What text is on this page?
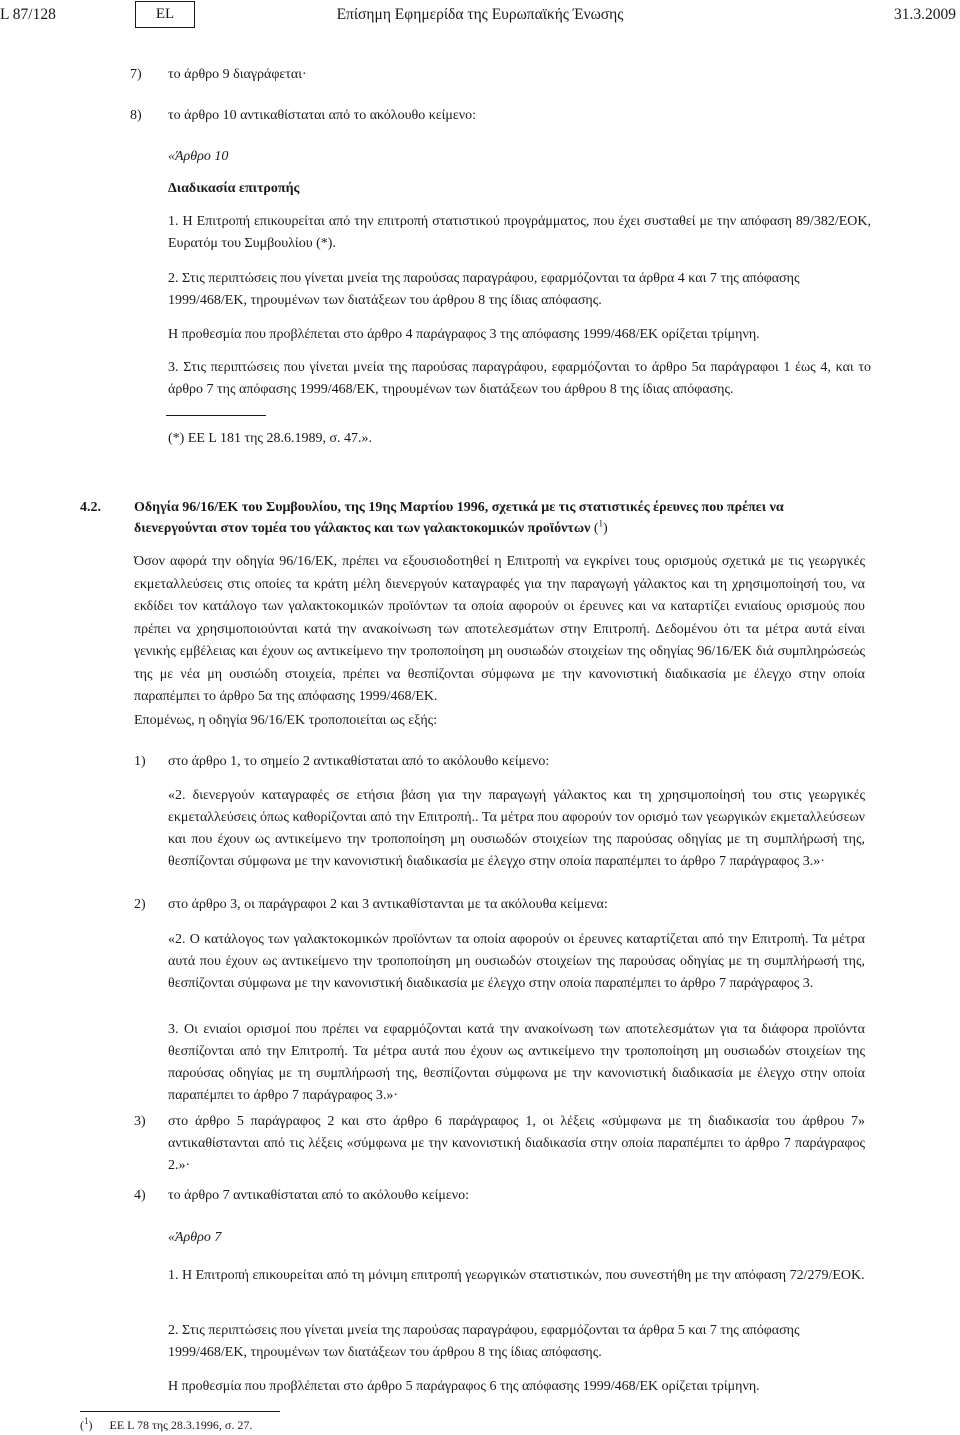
L 87/128	EL	Επίσημη Εφημερίδα της Ευρωπαϊκής Ένωσης	31.3.2009
7) το άρθρο 9 διαγράφεται·
8) το άρθρο 10 αντικαθίσταται από το ακόλουθο κείμενο:
«Άρθρο 10
Διαδικασία επιτροπής
1. Η Επιτροπή επικουρείται από την επιτροπή στατιστικού προγράμματος, που έχει συσταθεί με την απόφαση 89/382/ΕΟΚ, Ευρατόμ του Συμβουλίου (*).
2. Στις περιπτώσεις που γίνεται μνεία της παρούσας παραγράφου, εφαρμόζονται τα άρθρα 4 και 7 της απόφασης
1999/468/ΕΚ, τηρουμένων των διατάξεων του άρθρου 8 της ίδιας απόφασης.
Η προθεσμία που προβλέπεται στο άρθρο 4 παράγραφος 3 της απόφασης 1999/468/ΕΚ ορίζεται τρίμηνη.
3. Στις περιπτώσεις που γίνεται μνεία της παρούσας παραγράφου, εφαρμόζονται το άρθρο 5α παράγραφοι 1 έως 4, και το άρθρο 7 της απόφασης 1999/468/ΕΚ, τηρουμένων των διατάξεων του άρθρου 8 της ίδιας απόφασης.
(*) ΕΕ L 181 της 28.6.1989, σ. 47.».
4.2. Οδηγία 96/16/ΕΚ του Συμβουλίου, της 19ης Μαρτίου 1996, σχετικά με τις στατιστικές έρευνες που πρέπει να
διενεργούνται στον τομέα του γάλακτος και των γαλακτοκομικών προϊόντων ($^1$)
Όσον αφορά την οδηγία 96/16/ΕΚ, πρέπει να εξουσιοδοτηθεί η Επιτροπή να εγκρίνει τους ορισμούς σχετικά με τις γεωργικές εκμεταλλεύσεις στις οποίες τα κράτη μέλη διενεργούν καταγραφές για την παραγωγή γάλακτος και τη χρησιμοποίησή του, να εκδίδει τον κατάλογο των γαλακτοκομικών προϊόντων τα οποία αφορούν οι έρευνες και να καταρτίζει ενιαίους ορισμούς που πρέπει να χρησιμοποιούνται κατά την ανακοίνωση των αποτελεσμάτων στην Επιτροπή. Δεδομένου ότι τα μέτρα αυτά είναι γενικής εμβέλειας και έχουν ως αντικείμενο την τροποποίηση μη ουσιωδών στοιχείων της οδηγίας 96/16/ΕΚ διά συμπληρώσεώς της με νέα μη ουσιώδη στοιχεία, πρέπει να θεσπίζονται σύμφωνα με την κανονιστική διαδικασία με έλεγχο στην οποία παραπέμπει το άρθρο 5α της απόφασης 1999/468/ΕΚ.
Επομένως, η οδηγία 96/16/ΕΚ τροποποιείται ως εξής:
1) στο άρθρο 1, το σημείο 2 αντικαθίσταται από το ακόλουθο κείμενο:
«2. διενεργούν καταγραφές σε ετήσια βάση για την παραγωγή γάλακτος και τη χρησιμοποίησή του στις γεωργικές εκμεταλλεύσεις όπως καθορίζονται από την Επιτροπή.. Τα μέτρα που αφορούν τον ορισμό των γεωργικών εκμεταλλεύσεων και που έχουν ως αντικείμενο την τροποποίηση μη ουσιωδών στοιχείων της παρούσας οδηγίας με τη συμπλήρωσή της, θεσπίζονται σύμφωνα με την κανονιστική διαδικασία με έλεγχο στην οποία παραπέμπει το άρθρο 7 παράγραφος 3.»·
2) στο άρθρο 3, οι παράγραφοι 2 και 3 αντικαθίστανται με τα ακόλουθα κείμενα:
«2. Ο κατάλογος των γαλακτοκομικών προϊόντων τα οποία αφορούν οι έρευνες καταρτίζεται από την Επιτροπή. Τα μέτρα αυτά που έχουν ως αντικείμενο την τροποποίηση μη ουσιωδών στοιχείων της παρούσας οδηγίας με τη συμπλήρωσή της, θεσπίζονται σύμφωνα με την κανονιστική διαδικασία με έλεγχο στην οποία παραπέμπει το άρθρο 7 παράγραφος 3.
3. Οι ενιαίοι ορισμοί που πρέπει να εφαρμόζονται κατά την ανακοίνωση των αποτελεσμάτων για τα διάφορα προϊόντα θεσπίζονται από την Επιτροπή. Τα μέτρα αυτά που έχουν ως αντικείμενο την τροποποίηση μη ουσιωδών στοιχείων της παρούσας οδηγίας με τη συμπλήρωσή της, θεσπίζονται σύμφωνα με την κανονιστική διαδικασία με έλεγχο στην οποία παραπέμπει το άρθρο 7 παράγραφος 3.»·
3) στο άρθρο 5 παράγραφος 2 και στο άρθρο 6 παράγραφος 1, οι λέξεις «σύμφωνα με τη διαδικασία του άρθρου 7» αντικαθίστανται από τις λέξεις «σύμφωνα με την κανονιστική διαδικασία στην οποία παραπέμπει το άρθρο 7 παράγραφος 2.»·
4) το άρθρο 7 αντικαθίσταται από το ακόλουθο κείμενο:
«Άρθρο 7
1. Η Επιτροπή επικουρείται από τη μόνιμη επιτροπή γεωργικών στατιστικών, που συνεστήθη με την απόφαση 72/279/ΕΟΚ.
2. Στις περιπτώσεις που γίνεται μνεία της παρούσας παραγράφου, εφαρμόζονται τα άρθρα 5 και 7 της απόφασης
1999/468/ΕΚ, τηρουμένων των διατάξεων του άρθρου 8 της ίδιας απόφασης.
Η προθεσμία που προβλέπεται στο άρθρο 5 παράγραφος 6 της απόφασης 1999/468/ΕΚ ορίζεται τρίμηνη.
($^1$) ΕΕ L 78 της 28.3.1996, σ. 27.
